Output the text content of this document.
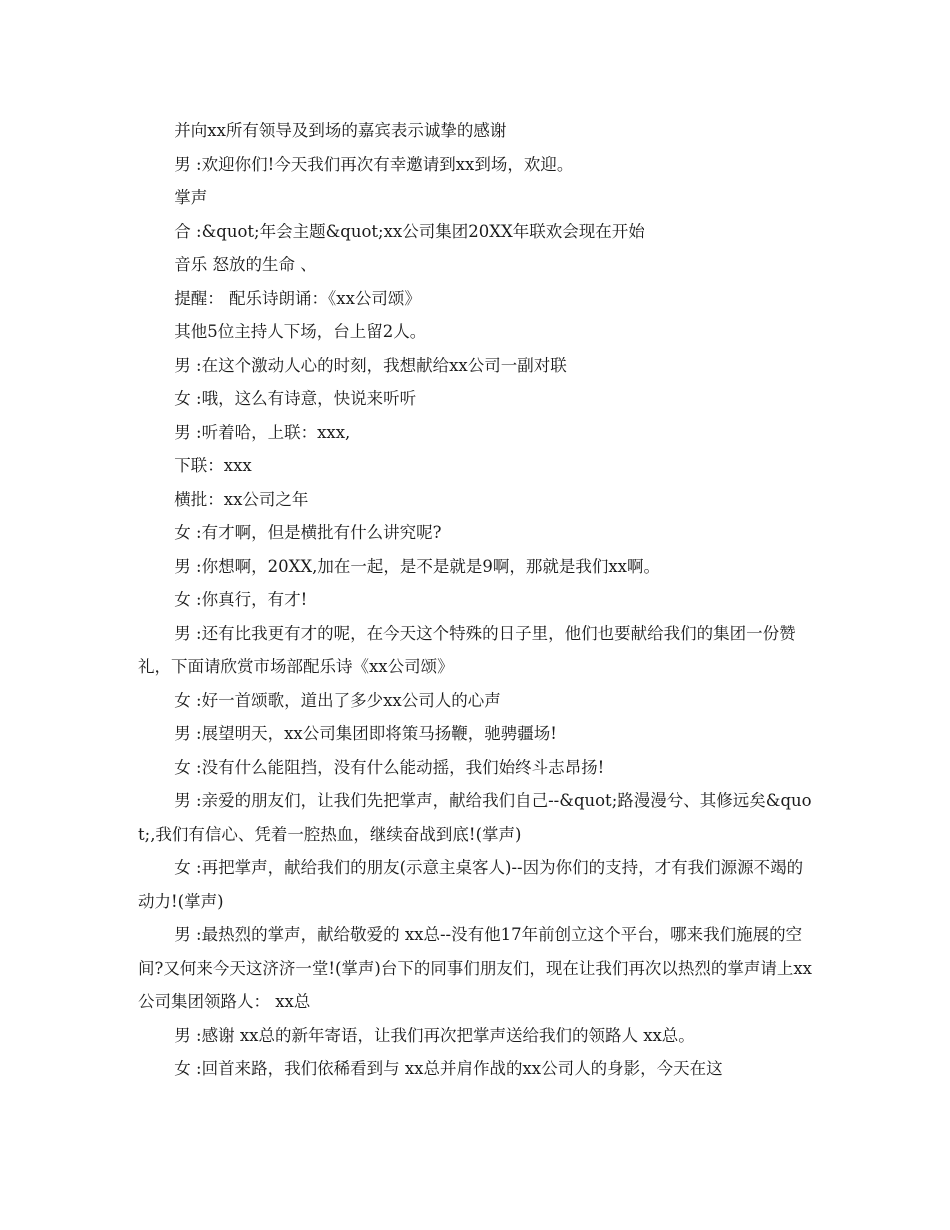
并向xx所有领导及到场的嘉宾表示诚挚的感谢

男 :欢迎你们!今天我们再次有幸邀请到xx到场，欢迎。

掌声

合 :&quot;年会主题&quot;xx公司集团20XX年联欢会现在开始

音乐 怒放的生命 、

提醒： 配乐诗朗诵：《xx公司颂》

其他5位主持人下场，台上留2人。

男 :在这个激动人心的时刻，我想献给xx公司一副对联

女 :哦，这么有诗意，快说来听听

男 :听着哈，上联：xxx,

下联：xxx

横批：xx公司之年

女 :有才啊，但是横批有什么讲究呢?

男 :你想啊，20XX,加在一起，是不是就是9啊，那就是我们xx啊。

女 :你真行，有才!

男 :还有比我更有才的呢，在今天这个特殊的日子里，他们也要献给我们的集团一份赞礼，下面请欣赏市场部配乐诗《xx公司颂》

女 :好一首颂歌，道出了多少xx公司人的心声

男 :展望明天，xx公司集团即将策马扬鞭，驰骋疆场!

女 :没有什么能阻挡，没有什么能动摇，我们始终斗志昂扬!

男 :亲爱的朋友们，让我们先把掌声，献给我们自己--&quot;路漫漫兮、其修远矣&quot;,我们有信心、凭着一腔热血，继续奋战到底!(掌声)

女 :再把掌声，献给我们的朋友(示意主桌客人)--因为你们的支持，才有我们源源不竭的动力!(掌声)

男 :最热烈的掌声，献给敬爱的 xx总--没有他17年前创立这个平台，哪来我们施展的空间?又何来今天这济济一堂!(掌声)台下的同事们朋友们，现在让我们再次以热烈的掌声请上xx公司集团领路人： xx总

男 :感谢 xx总的新年寄语，让我们再次把掌声送给我们的领路人 xx总。

女 :回首来路，我们依稀看到与 xx总并肩作战的xx公司人的身影，今天在这
